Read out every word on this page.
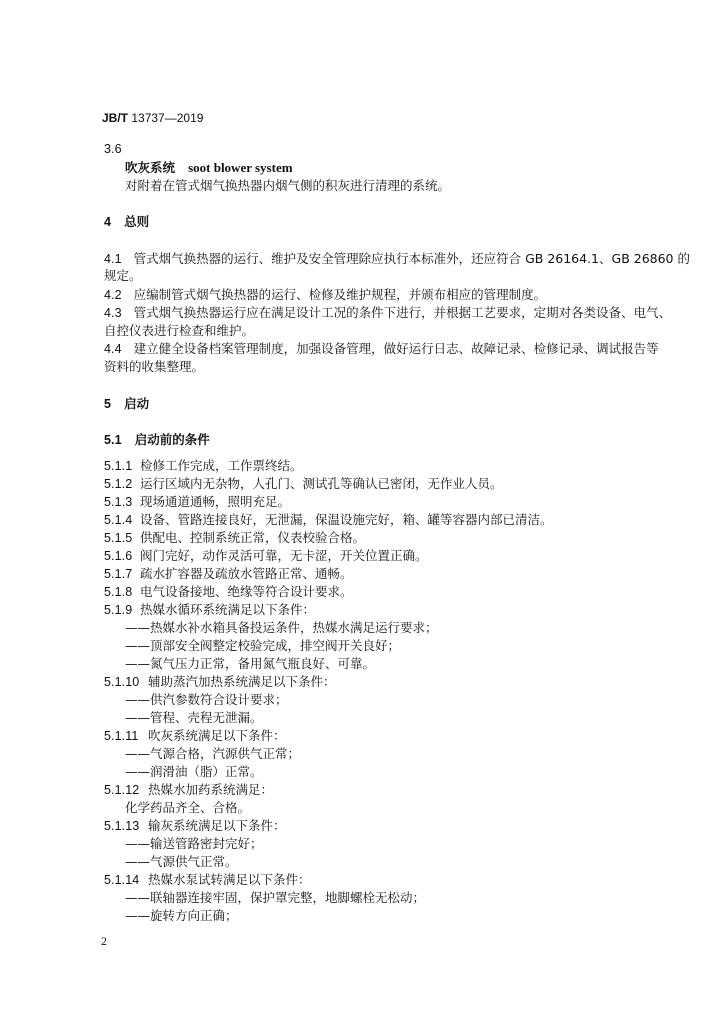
JB/T 13737—2019

3.6

吹灰系统 soot blower system

对附着在管式烟气换热器内烟气侧的积灰进行清理的系统。

4 总则

4.1 管式烟气换热器的运行、维护及安全管理除应执行本标准外，还应符合 GB 26164.1、GB 26860 的

规定。

4.2 应编制管式烟气换热器的运行、检修及维护规程，并颁布相应的管理制度。

4.3 管式烟气换热器运行应在满足设计工况的条件下进行，并根据工艺要求，定期对各类设备、电气、

自控仪表进行检查和维护。

4.4 建立健全设备档案管理制度，加强设备管理，做好运行日志、故障记录、检修记录、调试报告等

资料的收集整理。

5 启动

5.1 启动前的条件

5.1.1 检修工作完成，工作票终结。

5.1.2 运行区域内无杂物，人孔门、测试孔等确认已密闭，无作业人员。

5.1.3 现场通道通畅，照明充足。

5.1.4 设备、管路连接良好，无泄漏，保温设施完好，箱、罐等容器内部已清洁。

5.1.5 供配电、控制系统正常，仪表校验合格。

5.1.6 阀门完好，动作灵活可靠，无卡涩，开关位置正确。

5.1.7 疏水扩容器及疏放水管路正常、通畅。

5.1.8 电气设备接地、绝缘等符合设计要求。

5.1.9 热媒水循环系统满足以下条件：

——热媒水补水箱具备投运条件，热媒水满足运行要求；

——顶部安全阀整定校验完成，排空阀开关良好；

——氮气压力正常，备用氮气瓶良好、可靠。

5.1.10 辅助蒸汽加热系统满足以下条件：

——供汽参数符合设计要求；

——管程、壳程无泄漏。

5.1.11 吹灰系统满足以下条件：

——气源合格，汽源供气正常；

——润滑油（脂）正常。

5.1.12 热媒水加药系统满足：

化学药品齐全、合格。

5.1.13 输灰系统满足以下条件：

——输送管路密封完好；

——气源供气正常。

5.1.14 热媒水泵试转满足以下条件：

——联轴器连接牢固，保护罩完整，地脚螺栓无松动；

——旋转方向正确；

2
